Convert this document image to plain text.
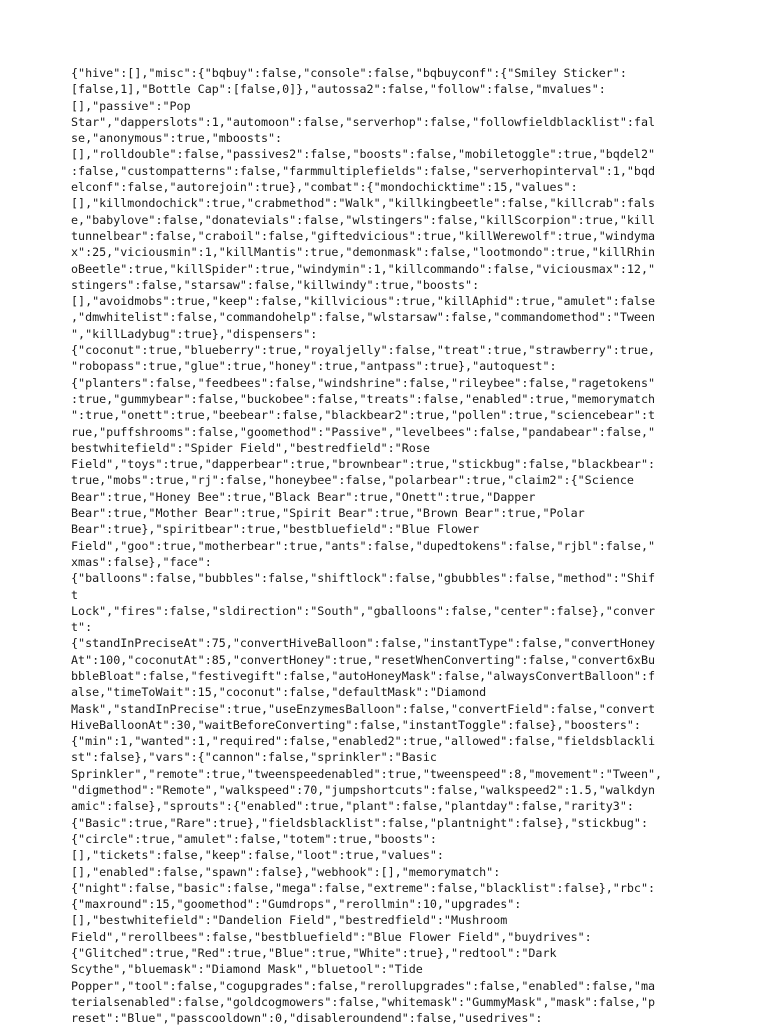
{"hive":[],"misc":{"bqbuy":false,"console":false,"bqbuyconf":{"Smiley Sticker":
[false,1],"Bottle Cap":[false,0]},"autossa2":false,"follow":false,"mvalues":
[],"passive":"Pop
Star","dapperslots":1,"automoon":false,"serverhop":false,"followfieldblacklist":fal
se,"anonymous":true,"mboosts":
[],"rolldouble":false,"passives2":false,"boosts":false,"mobiletoggle":true,"bqdel2"
:false,"custompatterns":false,"farmmultiplefields":false,"serverhopinterval":1,"bqd
elconf":false,"autorejoin":true},"combat":{"mondochicktime":15,"values":
[],"killmondochick":true,"crabmethod":"Walk","killkingbeetle":false,"killcrab":fals
e,"babylove":false,"donatevials":false,"wlstingers":false,"killScorpion":true,"kill
tunnelbear":false,"craboil":false,"giftedvicious":true,"killWerewolf":true,"windyma
x":25,"viciousmin":1,"killMantis":true,"demonmask":false,"lootmondo":true,"killRhin
oBeetle":true,"killSpider":true,"windymin":1,"killcommando":false,"viciousmax":12,"
stingers":false,"starsaw":false,"killwindy":true,"boosts":
[],"avoidmobs":true,"keep":false,"killvicious":true,"killAphid":true,"amulet":false
,"dmwhitelist":false,"commandohelp":false,"wlstarsaw":false,"commandomethod":"Tween
","killLadybug":true},"dispensers":
{"coconut":true,"blueberry":true,"royaljelly":false,"treat":true,"strawberry":true,
"robopass":true,"glue":true,"honey":true,"antpass":true},"autoquest":
{"planters":false,"feedbees":false,"windshrine":false,"rileybee":false,"ragetokens"
:true,"gummybear":false,"buckobee":false,"treats":false,"enabled":true,"memorymatch
":true,"onett":true,"beebear":false,"blackbear2":true,"pollen":true,"sciencebear":t
rue,"puffshrooms":false,"goomethod":"Passive","levelbees":false,"pandabear":false,"
bestwhitefield":"Spider Field","bestredfield":"Rose
Field","toys":true,"dapperbear":true,"brownbear":true,"stickbug":false,"blackbear":
true,"mobs":true,"rj":false,"honeybee":false,"polarbear":true,"claim2":{"Science
Bear":true,"Honey Bee":true,"Black Bear":true,"Onett":true,"Dapper
Bear":true,"Mother Bear":true,"Spirit Bear":true,"Brown Bear":true,"Polar
Bear":true},"spiritbear":true,"bestbluefield":"Blue Flower
Field","goo":true,"motherbear":true,"ants":false,"dupedtokens":false,"rjbl":false,"
xmas":false},"face":
{"balloons":false,"bubbles":false,"shiftlock":false,"gbubbles":false,"method":"Shif
t
Lock","fires":false,"sldirection":"South","gballoons":false,"center":false},"conver
t":
{"standInPreciseAt":75,"convertHiveBalloon":false,"instantType":false,"convertHoney
At":100,"coconutAt":85,"convertHoney":true,"resetWhenConverting":false,"convert6xBu
bbleBloat":false,"festivegift":false,"autoHoneyMask":false,"alwaysConvertBalloon":f
alse,"timeToWait":15,"coconut":false,"defaultMask":"Diamond
Mask","standInPrecise":true,"useEnzymesBalloon":false,"convertField":false,"convert
HiveBalloonAt":30,"waitBeforeConverting":false,"instantToggle":false},"boosters":
{"min":1,"wanted":1,"required":false,"enabled2":true,"allowed":false,"fieldsblackli
st":false},"vars":{"cannon":false,"sprinkler":"Basic
Sprinkler","remote":true,"tweenspeedenabled":true,"tweenspeed":8,"movement":"Tween",
"digmethod":"Remote","walkspeed":70,"jumpshortcuts":false,"walkspeed2":1.5,"walkdyn
amic":false},"sprouts":{"enabled":true,"plant":false,"plantday":false,"rarity3":
{"Basic":true,"Rare":true},"fieldsblacklist":false,"plantnight":false},"stickbug":
{"circle":true,"amulet":false,"totem":true,"boosts":
[],"tickets":false,"keep":false,"loot":true,"values":
[],"enabled":false,"spawn":false},"webhook":[],"memorymatch":
{"night":false,"basic":false,"mega":false,"extreme":false,"blacklist":false},"rbc":
{"maxround":15,"goomethod":"Gumdrops","rerollmin":10,"upgrades":
[],"bestwhitefield":"Dandelion Field","bestredfield":"Mushroom
Field","rerollbees":false,"bestbluefield":"Blue Flower Field","buydrives":
{"Glitched":true,"Red":true,"Blue":true,"White":true},"redtool":"Dark
Scythe","bluemask":"Diamond Mask","bluetool":"Tide
Popper","tool":false,"cogupgrades":false,"rerollupgrades":false,"enabled":false,"ma
terialsenabled":false,"goldcogmowers":false,"whitemask":"GummyMask","mask":false,"p
reset":"Blue","passcooldown":0,"disableroundend":false,"usedrives":
